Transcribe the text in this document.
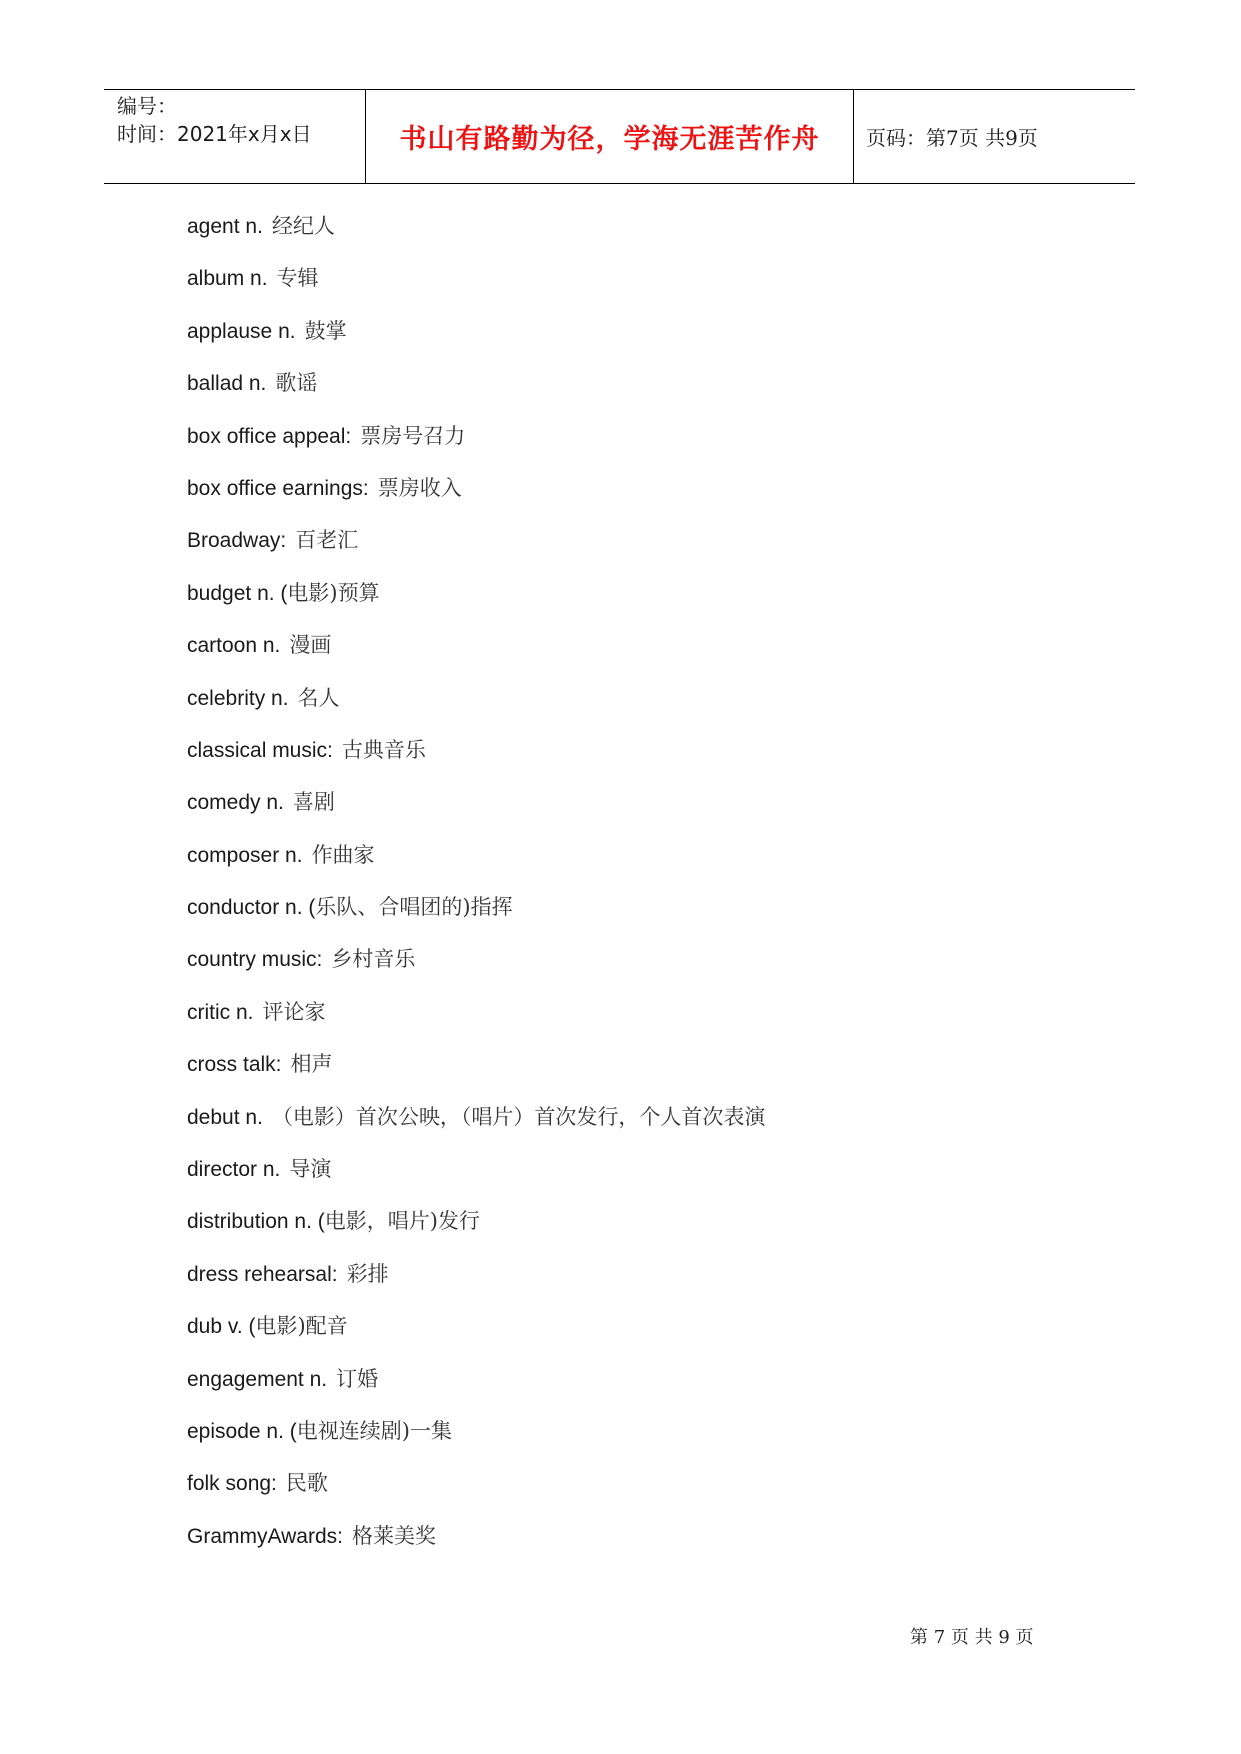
编号：
时间：2021年x月x日	书山有路勤为径，学海无涯苦作舟 页码：第7页 共9页
agent n. 经纪人
album n. 专辑
applause n. 鼓掌
ballad n. 歌谣
box office appeal: 票房号召力
box office earnings: 票房收入
Broadway: 百老汇
budget n. (电影)预算
cartoon n. 漫画
celebrity n. 名人
classical music: 古典音乐
comedy n. 喜剧
composer n. 作曲家
conductor n. (乐队、合唱团的)指挥
country music: 乡村音乐
critic n. 评论家
cross talk: 相声
debut n. （电影）首次公映，（唱片）首次发行，个人首次表演
director n. 导演
distribution n. (电影，唱片)发行
dress rehearsal: 彩排
dub v. (电影)配音
engagement n. 订婚
episode n. (电视连续剧)一集
folk song: 民歌
GrammyAwards: 格莱美奖
第 7 页 共 9 页
